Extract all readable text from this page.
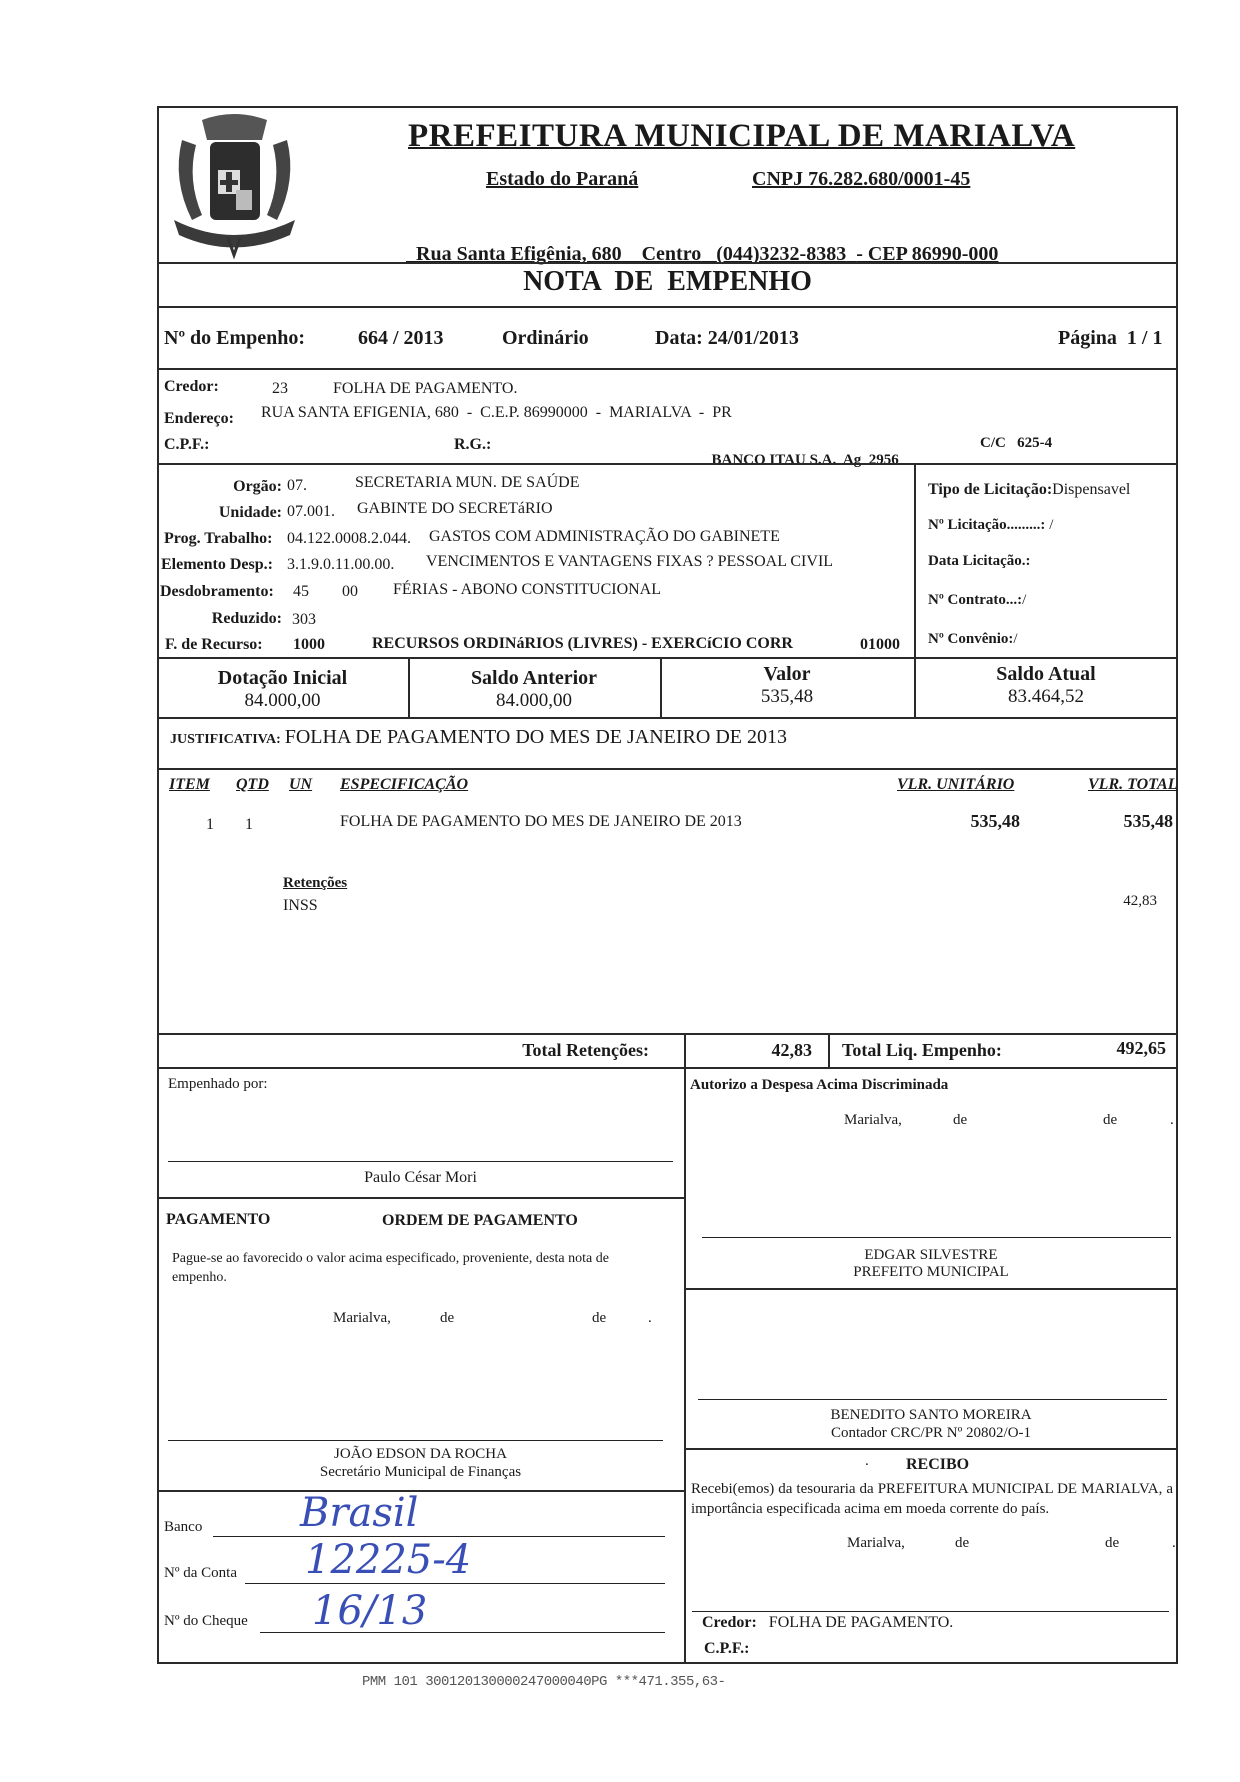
PREFEITURA MUNICIPAL DE MARIALVA
Estado do Paraná	CNPJ 76.282.680/0001-45

Rua Santa Efigênia, 680 Centro (044)3232-8383 - CEP 86990-000

NOTA  DE  EMPENHO
Nº do Empenho:	664 / 2013	Ordinário	Data: 24/01/2013	Página 1 / 1
Credor:	23	FOLHA DE PAGAMENTO.
Endereço: RUA SANTA EFIGENIA, 680  -  C.E.P. 86990000  -  MARIALVA  -  PR
C.P.F.:	R.G.:

BANCO ITAU S.A.  Ag 2956

C/C 625-4
Orgão: 07.	SECRETARIA MUN. DE SAÚDE
Unidade: 07.001. GABINTE DO SECRETáRIO
Prog. Trabalho: 04.122.0008.2.044. GASTOS COM ADMINISTRAÇÃO DO GABINETE
Elemento Desp.: 3.1.9.0.11.00.00. VENCIMENTOS E VANTAGENS FIXAS ? PESSOAL CIVIL
Desdobramento: 45 00 FÉRIAS - ABONO CONSTITUCIONAL
Reduzido: 303
F. de Recurso: 1000	RECURSOS ORDINáRIOS (LIVRES) - EXERCíCIO CORR	01000
Tipo de Licitação:Dispensavel
Nº Licitação.........: /
Data Licitação.:
Nº Contrato...:/
Nº Convênio:/
Dotação Inicial
84.000,00
Saldo Anterior
84.000,00
Valor
535,48
Saldo Atual
83.464,52
JUSTIFICATIVA: FOLHA DE PAGAMENTO DO MES DE JANEIRO DE 2013
ITEM QTD UN ESPECIFICAÇÃO	VLR. UNITÁRIO	VLR. TOTAL
1 1	FOLHA DE PAGAMENTO DO MES DE JANEIRO DE 2013	535,48	535,48
Retenções
INSS	42,83
Total Retenções:	42,83 Total Liq. Empenho:	492,65
Empenhado por:
Paulo César Mori
Autorizo a Despesa Acima Discriminada
Marialva,	de	de	.
EDGAR SILVESTRE
PREFEITO MUNICIPAL
BENEDITO SANTO MOREIRA
Contador CRC/PR Nº 20802/O-1
PAGAMENTO	ORDEM DE PAGAMENTO
Pague-se ao favorecido o valor acima especificado, proveniente, desta nota de empenho.
Marialva,	de	de	.
JOÃO EDSON DA ROCHA
Secretário Municipal de Finanças
Banco Brasil
Nº da Conta 12225-4
Nº do Cheque 16/13
. RECIBO
Recebi(emos) da tesouraria da PREFEITURA MUNICIPAL DE MARIALVA, a importância especificada acima em moeda corrente do país.
Marialva,	de	de	.
Credor: FOLHA DE PAGAMENTO.
C.P.F.:
PMM 101 300120130000247000040PG ***471.355,63-
